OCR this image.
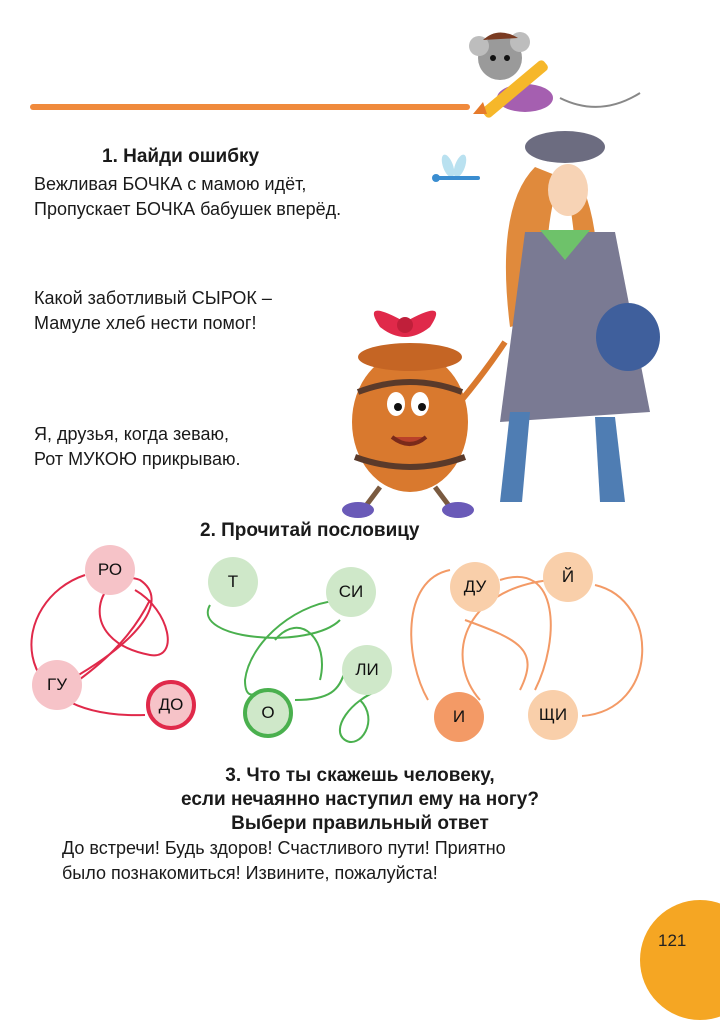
1. Найди ошибку
Вежливая БОЧКА с мамою идёт,
Пропускает БОЧКА бабушек вперёд.
Какой заботливый СЫРОК –
Мамуле хлеб нести помог!
Я, друзья, когда зеваю,
Рот МУКОЮ прикрываю.
2. Прочитай пословицу
РО
ГУ
ДО
Т
СИ
ЛИ
О
ДУ
Й
И	ЩИ
3. Что ты скажешь человеку,
если нечаянно наступил ему на ногу?
Выбери правильный ответ
До встречи! Будь здоров! Счастливого пути! Приятно
было познакомиться! Извините, пожалуйста!
121
